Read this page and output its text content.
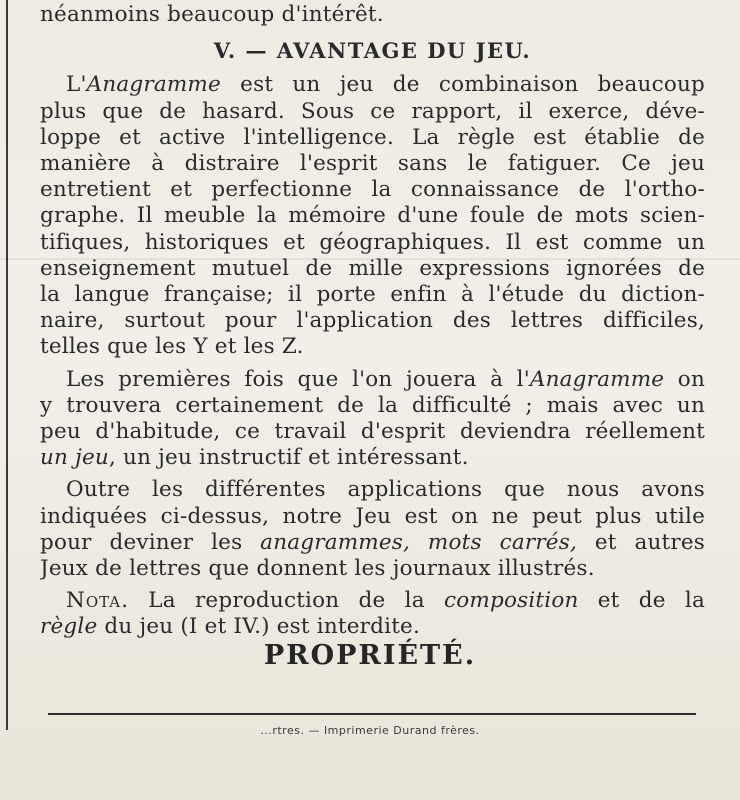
néanmoins beaucoup d'intérêt.
V. — AVANTAGE DU JEU.
L'Anagramme est un jeu de combinaison beaucoup
plus que de hasard. Sous ce rapport, il exerce, déve-
loppe et active l'intelligence. La règle est établie de
manière à distraire l'esprit sans le fatiguer. Ce jeu
entretient et perfectionne la connaissance de l'ortho-
graphe. Il meuble la mémoire d'une foule de mots scien-
tifiques, historiques et géographiques. Il est comme un
enseignement mutuel de mille expressions ignorées de
la langue française; il porte enfin à l'étude du diction-
naire, surtout pour l'application des lettres difficiles,
telles que les Y et les Z.
Les premières fois que l'on jouera à l'Anagramme on
y trouvera certainement de la difficulté ; mais avec un
peu d'habitude, ce travail d'esprit deviendra réellement
un jeu, un jeu instructif et intéressant.
Outre les différentes applications que nous avons
indiquées ci-dessus, notre Jeu est on ne peut plus utile
pour deviner les anagrammes, mots carrés, et autres
Jeux de lettres que donnent les journaux illustrés.
Nota. La reproduction de la composition et de la
règle du jeu (I et IV.) est interdite.
PROPRIÉTÉ.
...rtres. — Imprimerie Durand frères.
